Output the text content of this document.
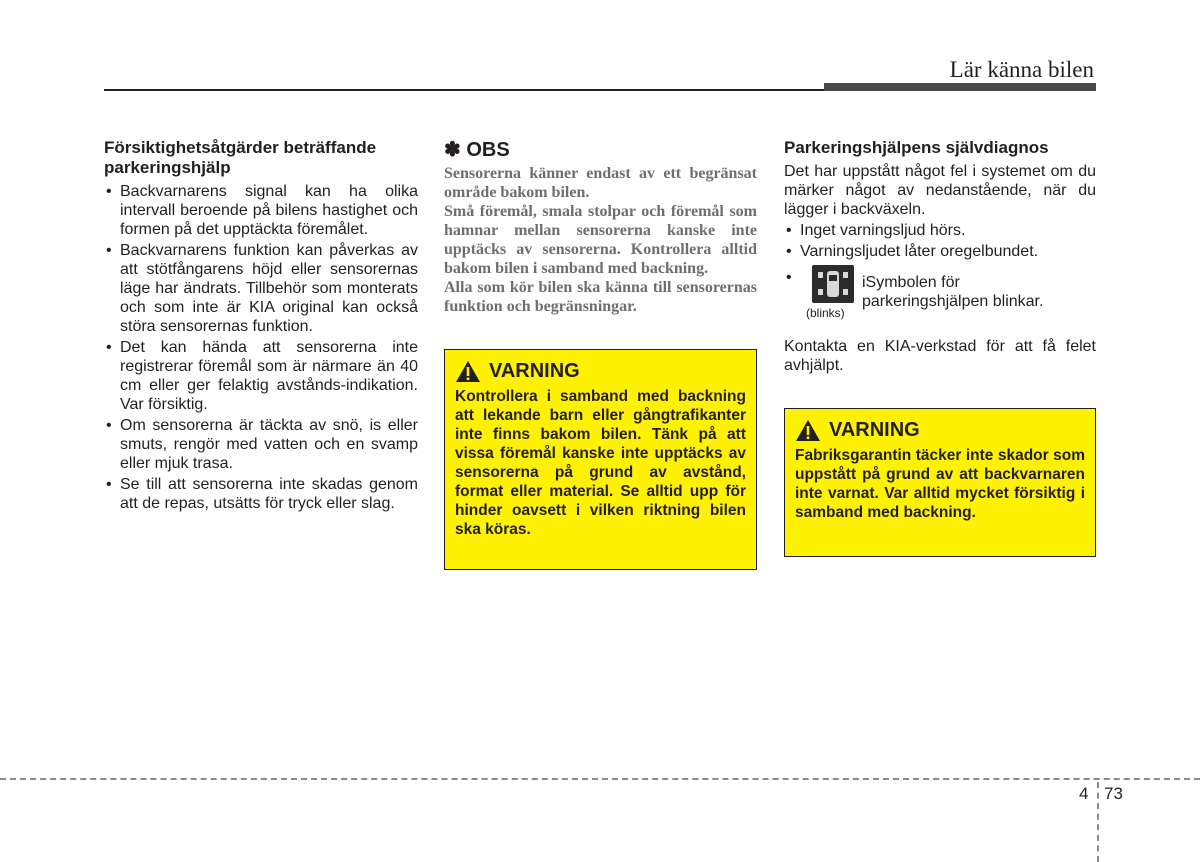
Lär känna bilen

Försiktighetsåtgärder beträffande parkeringshjälp

• Backvarnarens signal kan ha olika intervall beroende på bilens hastighet och formen på det upptäckta föremålet.
• Backvarnarens funktion kan påverkas av att stötfångarens höjd eller sensorernas läge har ändrats. Tillbehör som monterats och som inte är KIA original kan också störa sensorernas funktion.
• Det kan hända att sensorerna inte registrerar föremål som är närmare än 40 cm eller ger felaktig avstånds-indikation. Var försiktig.
• Om sensorerna är täckta av snö, is eller smuts, rengör med vatten och en svamp eller mjuk trasa.
• Se till att sensorerna inte skadas genom att de repas, utsätts för tryck eller slag.

✽ OBS

Sensorerna känner endast av ett begränsat område bakom bilen.

Små föremål, smala stolpar och föremål som hamnar mellan sensorerna kanske inte upptäcks av sensorerna. Kontrollera alltid bakom bilen i samband med backning.

Alla som kör bilen ska känna till sensorernas funktion och begränsningar.

VARNING

Kontrollera i samband med backning att lekande barn eller gångtrafikanter inte finns bakom bilen. Tänk på att vissa föremål kanske inte upptäcks av sensorerna på grund av avstånd, format eller material. Se alltid upp för hinder oavsett i vilken riktning bilen ska köras.

Parkeringshjälpens självdiagnos

Det har uppstått något fel i systemet om du märker något av nedanstående, när du lägger i backväxeln.

• Inget varningsljud hörs.
• Varningsljudet låter oregelbundet.
•
(blinks)
iSymbolen för
parkeringshjälpen blinkar.

Kontakta en KIA-verkstad för att få felet avhjälpt.

VARNING

Fabriksgarantin täcker inte skador som uppstått på grund av att backvarnaren inte varnat. Var alltid mycket försiktig i samband med backning.

4 73
